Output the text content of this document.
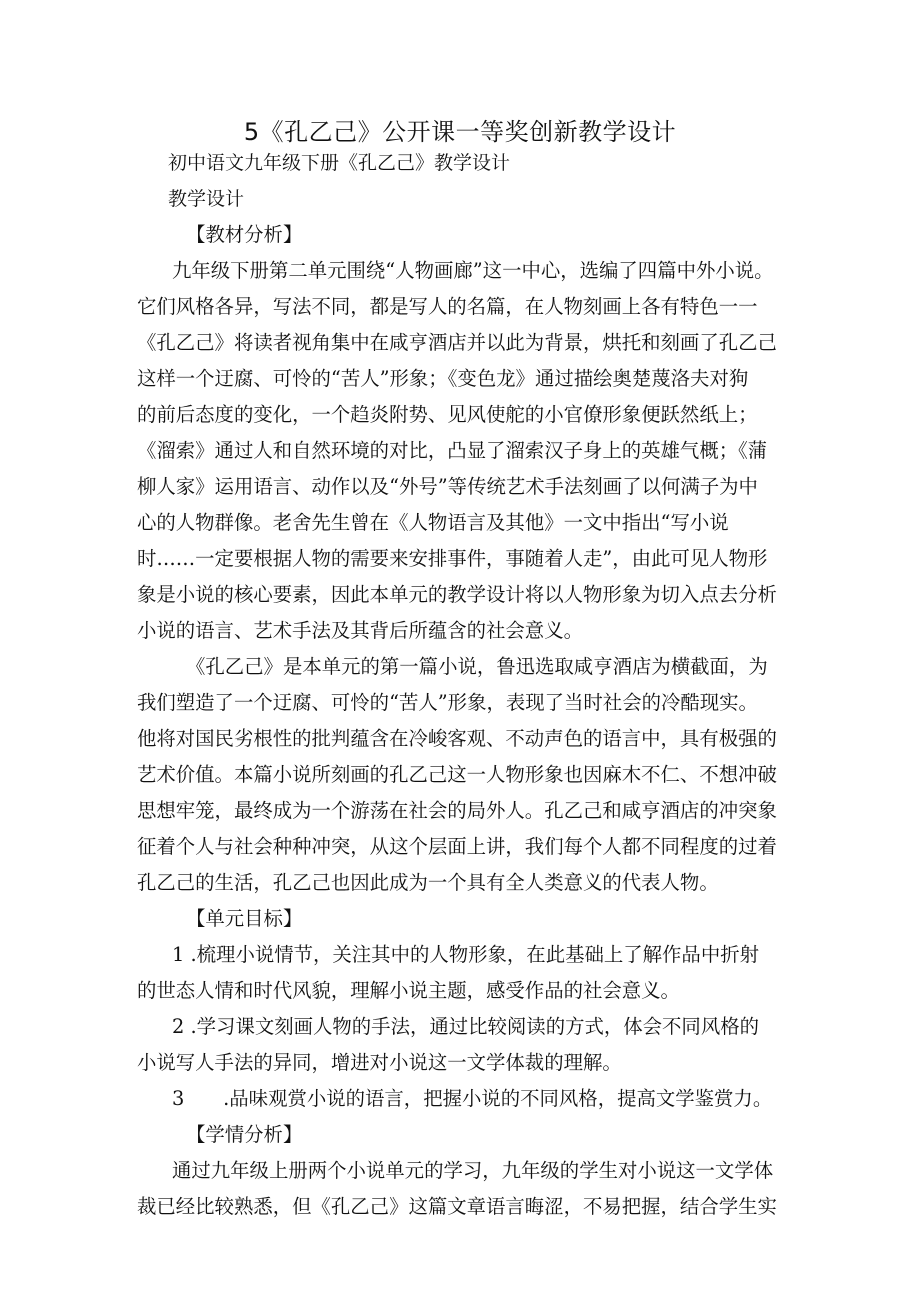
5《孔乙己》公开课一等奖创新教学设计
初中语文九年级下册《孔乙己》教学设计
教学设计
【教材分析】
九年级下册第二单元围绕“人物画廊”这一中心，选编了四篇中外小说。
它们风格各异，写法不同，都是写人的名篇，在人物刻画上各有特色一一
《孔乙己》将读者视角集中在咸亨酒店并以此为背景，烘托和刻画了孔乙己
这样一个迂腐、可怜的“苦人”形象；《变色龙》通过描绘奥楚蔑洛夫对狗
的前后态度的变化，一个趋炎附势、见风使舵的小官僚形象便跃然纸上；
《溜索》通过人和自然环境的对比，凸显了溜索汉子身上的英雄气概；《蒲
柳人家》运用语言、动作以及“外号”等传统艺术手法刻画了以何满子为中
心的人物群像。老舍先生曾在《人物语言及其他》一文中指出“写小说
时……一定要根据人物的需要来安排事件，事随着人走”，由此可见人物形
象是小说的核心要素，因此本单元的教学设计将以人物形象为切入点去分析
小说的语言、艺术手法及其背后所蕴含的社会意义。
《孔乙己》是本单元的第一篇小说，鲁迅选取咸亨酒店为横截面，为
我们塑造了一个迂腐、可怜的“苦人”形象，表现了当时社会的冷酷现实。
他将对国民劣根性的批判蕴含在冷峻客观、不动声色的语言中，具有极强的
艺术价值。本篇小说所刻画的孔乙己这一人物形象也因麻木不仁、不想冲破
思想牢笼，最终成为一个游荡在社会的局外人。孔乙己和咸亨酒店的冲突象
征着个人与社会种种冲突，从这个层面上讲，我们每个人都不同程度的过着
孔乙己的生活，孔乙己也因此成为一个具有全人类意义的代表人物。
【单元目标】
1 .梳理小说情节，关注其中的人物形象，在此基础上了解作品中折射
的世态人情和时代风貌，理解小说主题，感受作品的社会意义。
2 .学习课文刻画人物的手法，通过比较阅读的方式，体会不同风格的
小说写人手法的异同，增进对小说这一文学体裁的理解。
3　　.品味观赏小说的语言，把握小说的不同风格，提高文学鉴赏力。
【学情分析】
通过九年级上册两个小说单元的学习，九年级的学生对小说这一文学体
裁已经比较熟悉，但《孔乙己》这篇文章语言晦涩，不易把握，结合学生实
